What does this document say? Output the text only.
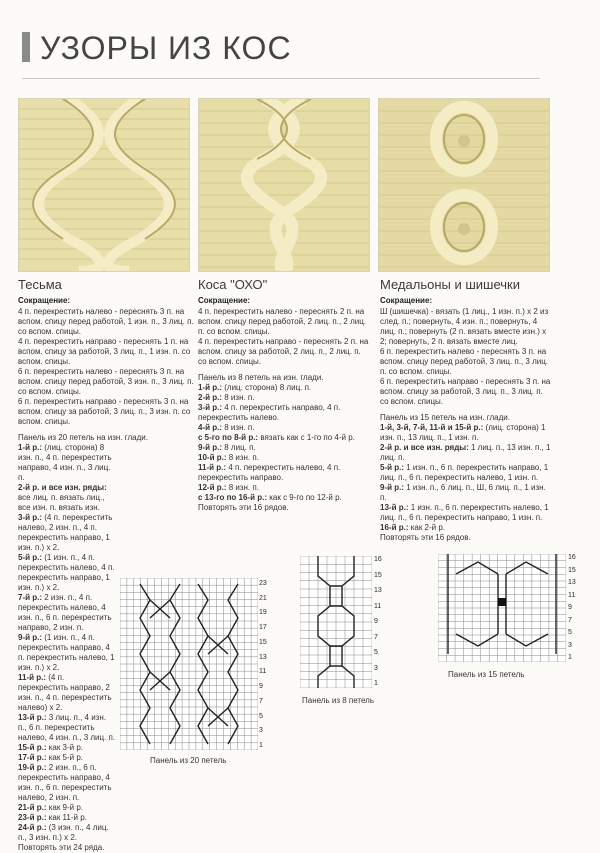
УЗОРЫ ИЗ КОС
Тесьма
Сокращение:

4 п. перекрестить налево - переснять 3 п. на вспом. спицу перед работой, 1 изн. п., 3 лиц. п. со вспом. спицы.

4 п. перекрестить направо - переснять 1 п. на вспом. спицу за работой, 3 лиц. п., 1 изн. п. со вспом. спицы.

6 п. перекрестить налево - переснять 3 п. на вспом. спицу перед работой, 3 изн. п., 3 лиц. п. со вспом. спицы.

6 п. перекрестить направо - переснять 3 п. на вспом. спицу за работой, 3 лиц. п., 3 изн. п. со вспом. спицы.

Панель из 20 петель на изн. глади.

1-й р.: (лиц. сторона) 8 изн. п., 4 п. перекрестить направо, 4 изн. п., 3 лиц. п.

2-й р. и все изн. ряды: все лиц. п. вязать лиц., все изн. п. вязать изн.

3-й р.: (4 п. перекрестить налево, 2 изн. п., 4 п. перекрестить направо, 1 изн. п.) х 2.

5-й р.: (1 изн. п., 4 п. перекрестить налево, 4 п. перекрестить направо, 1 изн. п.) х 2.

7-й р.: 2 изн. п., 4 п. перекрестить налево, 4 изн. п., 6 п. перекрестить направо, 2 изн. п.

9-й р.: (1 изн. п., 4 п. перекрестить направо, 4 п. перекрестить налево, 1 изн. п.) х 2.

11-й р.: (4 п. перекрестить направо, 2 изн. п., 4 п. перекрестить налево) х 2.

13-й р.: 3 лиц. п., 4 изн. п., 6 п. перекрестить налево, 4 изн. п., 3 лиц. п.

15-й р.: как 3-й р.

17-й р.: как 5-й р.

19-й р.: 2 изн. п., 6 п. перекрестить направо, 4 изн. п., 6 п. перекрестить налево, 2 изн. п.

21-й р.: как 9-й р.

23-й р.: как 11-й р.

24-й р.: (3 изн. п., 4 лиц. п., 3 изн. п.) х 2.

Повторять эти 24 ряда.

Коса "ОХО"
Сокращение:

4 п. перекрестить налево - переснять 2 п. на вспом. спицу перед работой, 2 лиц. п., 2 лиц. п. со вспом. спицы.

4 п. перекрестить направо - переснять 2 п. на вспом. спицу за работой, 2 лиц. п., 2 лиц. п. со вспом. спицы.

Панель из 8 петель на изн. глади.

1-й р.: (лиц. сторона) 8 лиц. п.

2-й р.: 8 изн. п.

3-й р.: 4 п. перекрестить направо, 4 п. перекрестить налево.

4-й р.: 8 изн. п.

с 5-го по 8-й р.: вязать как с 1-го по 4-й р.

9-й р.: 8 лиц. п.

10-й р.: 8 изн. п.

11-й р.: 4 п. перекрестить налево, 4 п. перекрестить направо.

12-й р.: 8 изн. п.

с 13-го по 16-й р.: как с 9-го по 12-й р.

Повторять эти 16 рядов.

Медальоны и шишечки
Сокращение:

Ш (шишечка) - вязать (1 лиц., 1 изн. п.) х 2 из след. п.; повернуть, 4 изн. п.; повернуть, 4 лиц. п.; повернуть (2 п. вязать вместе изн.) х 2; повернуть, 2 п. вязать вместе лиц.

6 п. перекрестить налево - переснять 3 п. на вспом. спицу перед работой, 3 лиц. п., 3 лиц. п. со вспом. спицы.

6 п. перекрестить направо - переснять 3 п. на вспом. спицу за работой, 3 лиц. п., 3 лиц. п. со вспом. спицы.

Панель из 15 петель на изн. глади.

1-й, 3-й, 7-й, 11-й и 15-й р.: (лиц. сторона) 1 изн. п., 13 лиц. п., 1 изн. п.

2-й р. и все изн. ряды: 1 лиц. п., 13 изн. п., 1 лиц. п.

5-й р.: 1 изн. п., 6 п. перекрестить направо, 1 лиц. п., 6 п. перекрестить налево, 1 изн. п.

9-й р.: 1 изн. п., 6 лиц. п., Ш, 6 лиц. п., 1 изн. п.

13-й р.: 1 изн. п., 6 п. перекрестить налево, 1 лиц. п., 6 п. перекрестить направо, 1 изн. п.

16-й р.: как 2-й р.

Повторять эти 16 рядов.

23
21
19
17
15
13
11
9
7
5
3
1
Панель из 20 петель
16
15
13
11
9
7
5
3
1
Панель из 8 петель
16
15
13
11
9
7
5
3
1
Панель из 15 петель
